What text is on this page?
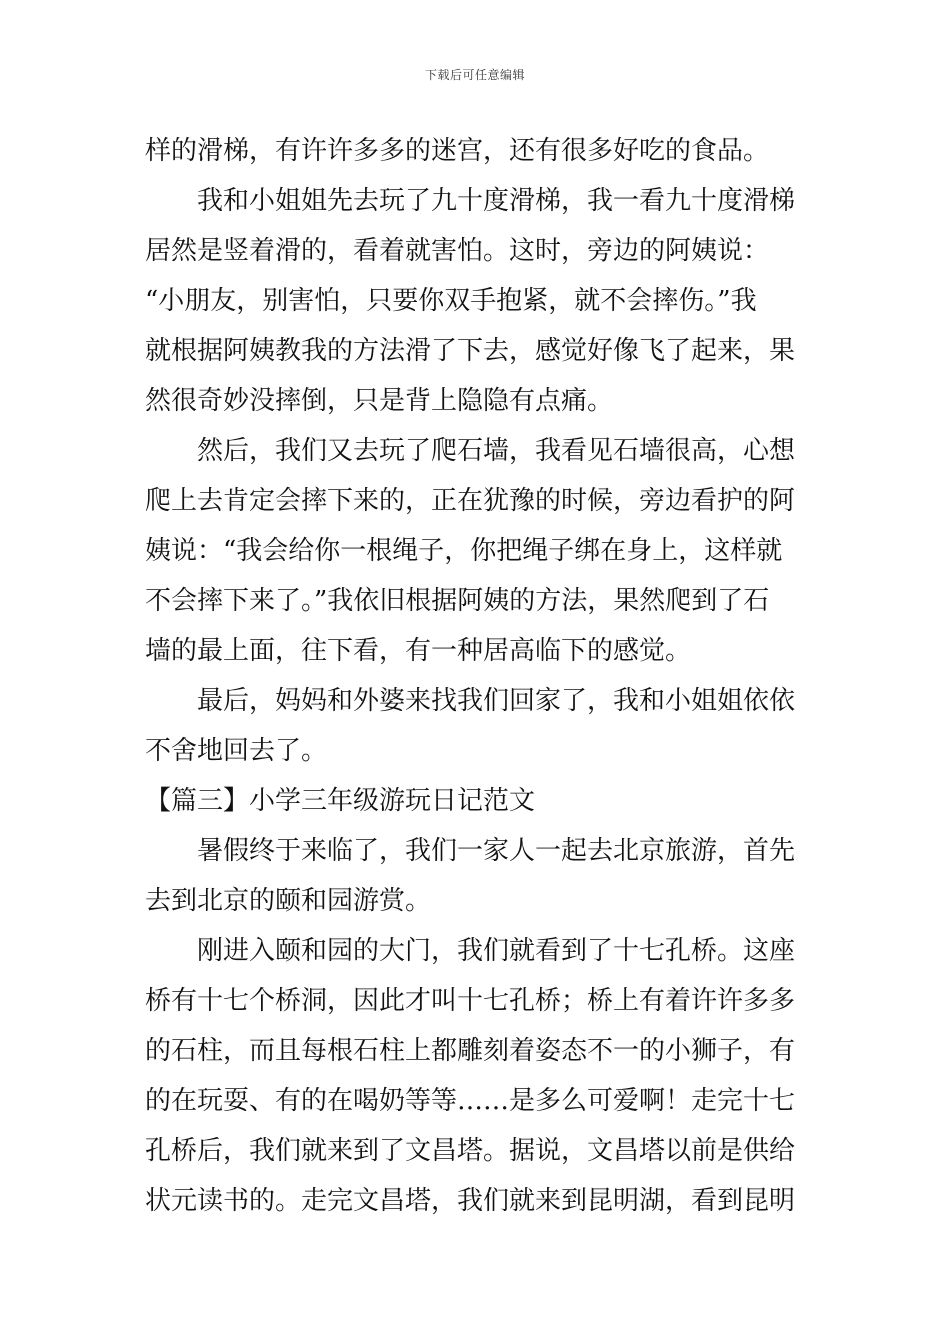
下载后可任意编辑
样的滑梯，有许许多多的迷宫，还有很多好吃的食品。
我和小姐姐先去玩了九十度滑梯，我一看九十度滑梯
居然是竖着滑的，看着就害怕。这时，旁边的阿姨说：
“小朋友，别害怕，只要你双手抱紧，就不会摔伤。”我
就根据阿姨教我的方法滑了下去，感觉好像飞了起来，果
然很奇妙没摔倒，只是背上隐隐有点痛。
然后，我们又去玩了爬石墙，我看见石墙很高，心想
爬上去肯定会摔下来的，正在犹豫的时候，旁边看护的阿
姨说：“我会给你一根绳子，你把绳子绑在身上，这样就
不会摔下来了。”我依旧根据阿姨的方法，果然爬到了石
墙的最上面，往下看，有一种居高临下的感觉。
最后，妈妈和外婆来找我们回家了，我和小姐姐依依
不舍地回去了。
【篇三】小学三年级游玩日记范文
暑假终于来临了，我们一家人一起去北京旅游，首先
去到北京的颐和园游赏。
刚进入颐和园的大门，我们就看到了十七孔桥。这座
桥有十七个桥洞，因此才叫十七孔桥；桥上有着许许多多
的石柱，而且每根石柱上都雕刻着姿态不一的小狮子，有
的在玩耍、有的在喝奶等等……是多么可爱啊！走完十七
孔桥后，我们就来到了文昌塔。据说，文昌塔以前是供给
状元读书的。走完文昌塔，我们就来到昆明湖，看到昆明
